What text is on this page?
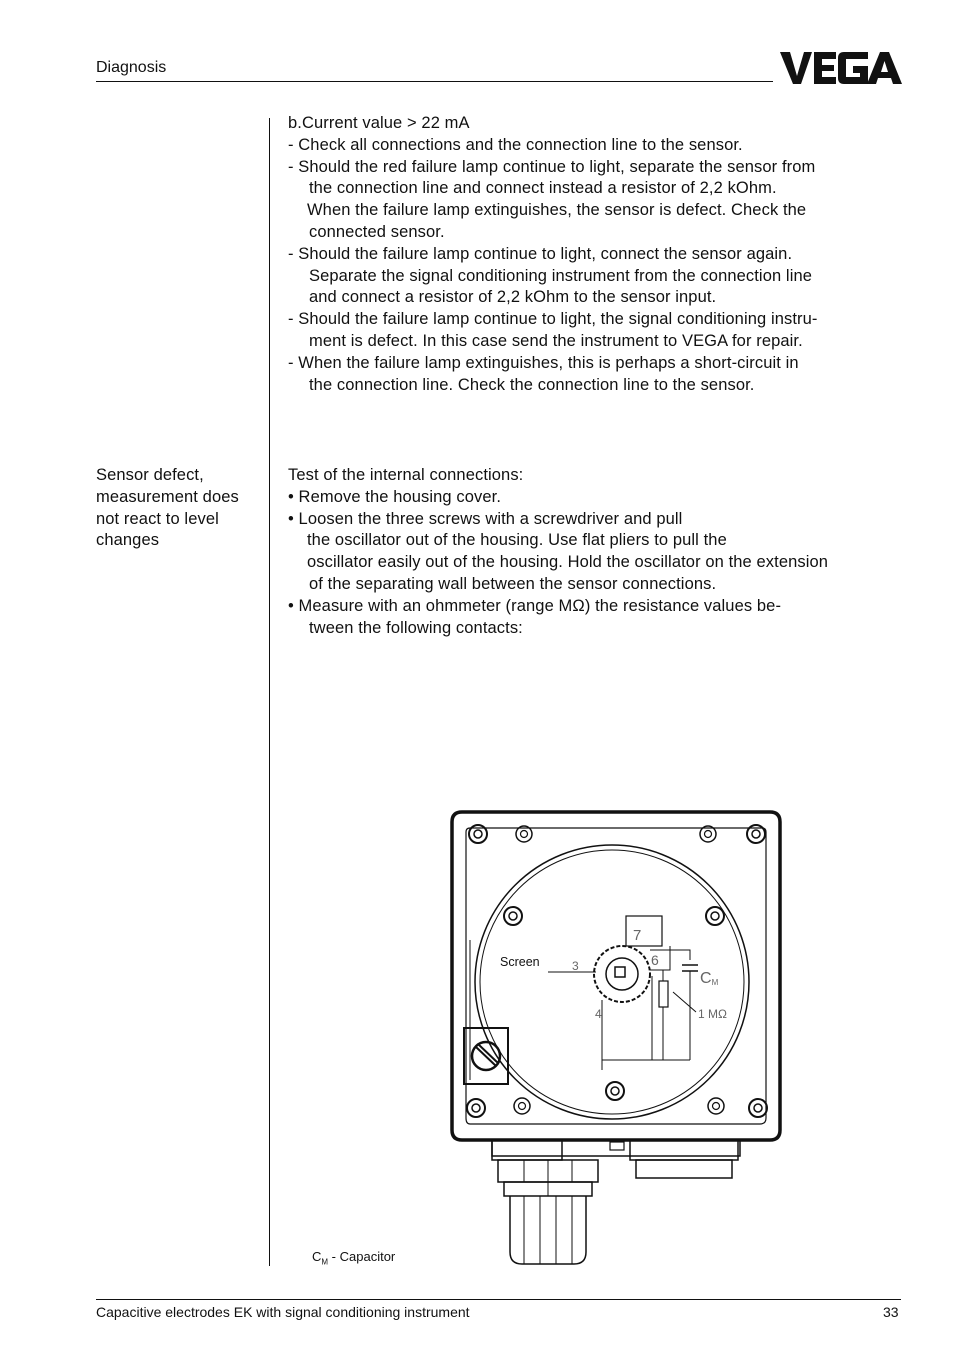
Diagnosis
b.Current value > 22 mA
- Check all connections and the connection line to the sensor.
- Should the red failure lamp continue to light, separate the sensor from
the connection line and connect instead a resistor of 2,2 kOhm.
When the failure lamp extinguishes, the sensor is defect. Check the
connected sensor.
- Should the failure lamp continue to light, connect the sensor again.
Separate the signal conditioning instrument from the connection line
and connect a resistor of 2,2 kOhm to the sensor input.
- Should the failure lamp continue to light, the signal conditioning instru-
ment is defect. In this case send the instrument to VEGA for repair.
- When the failure lamp extinguishes, this is perhaps a short-circuit in
the connection line. Check the connection line to the sensor.
Sensor defect,
measurement does
not react to level
changes
Test of the internal connections:
• Remove the housing cover.
• Loosen the three screws with a screwdriver and pull
the oscillator out of the housing. Use flat pliers to pull the
oscillator easily out of the housing. Hold the oscillator on the extension
of the separating wall between the sensor connections.
• Measure with an ohmmeter (range MΩ) the resistance values be-
tween the following contacts:
Screen
7
6
4
3
CM
1 MΩ
$C_M$ - Capacitor
Capacitive electrodes EK with signal conditioning instrument	33
